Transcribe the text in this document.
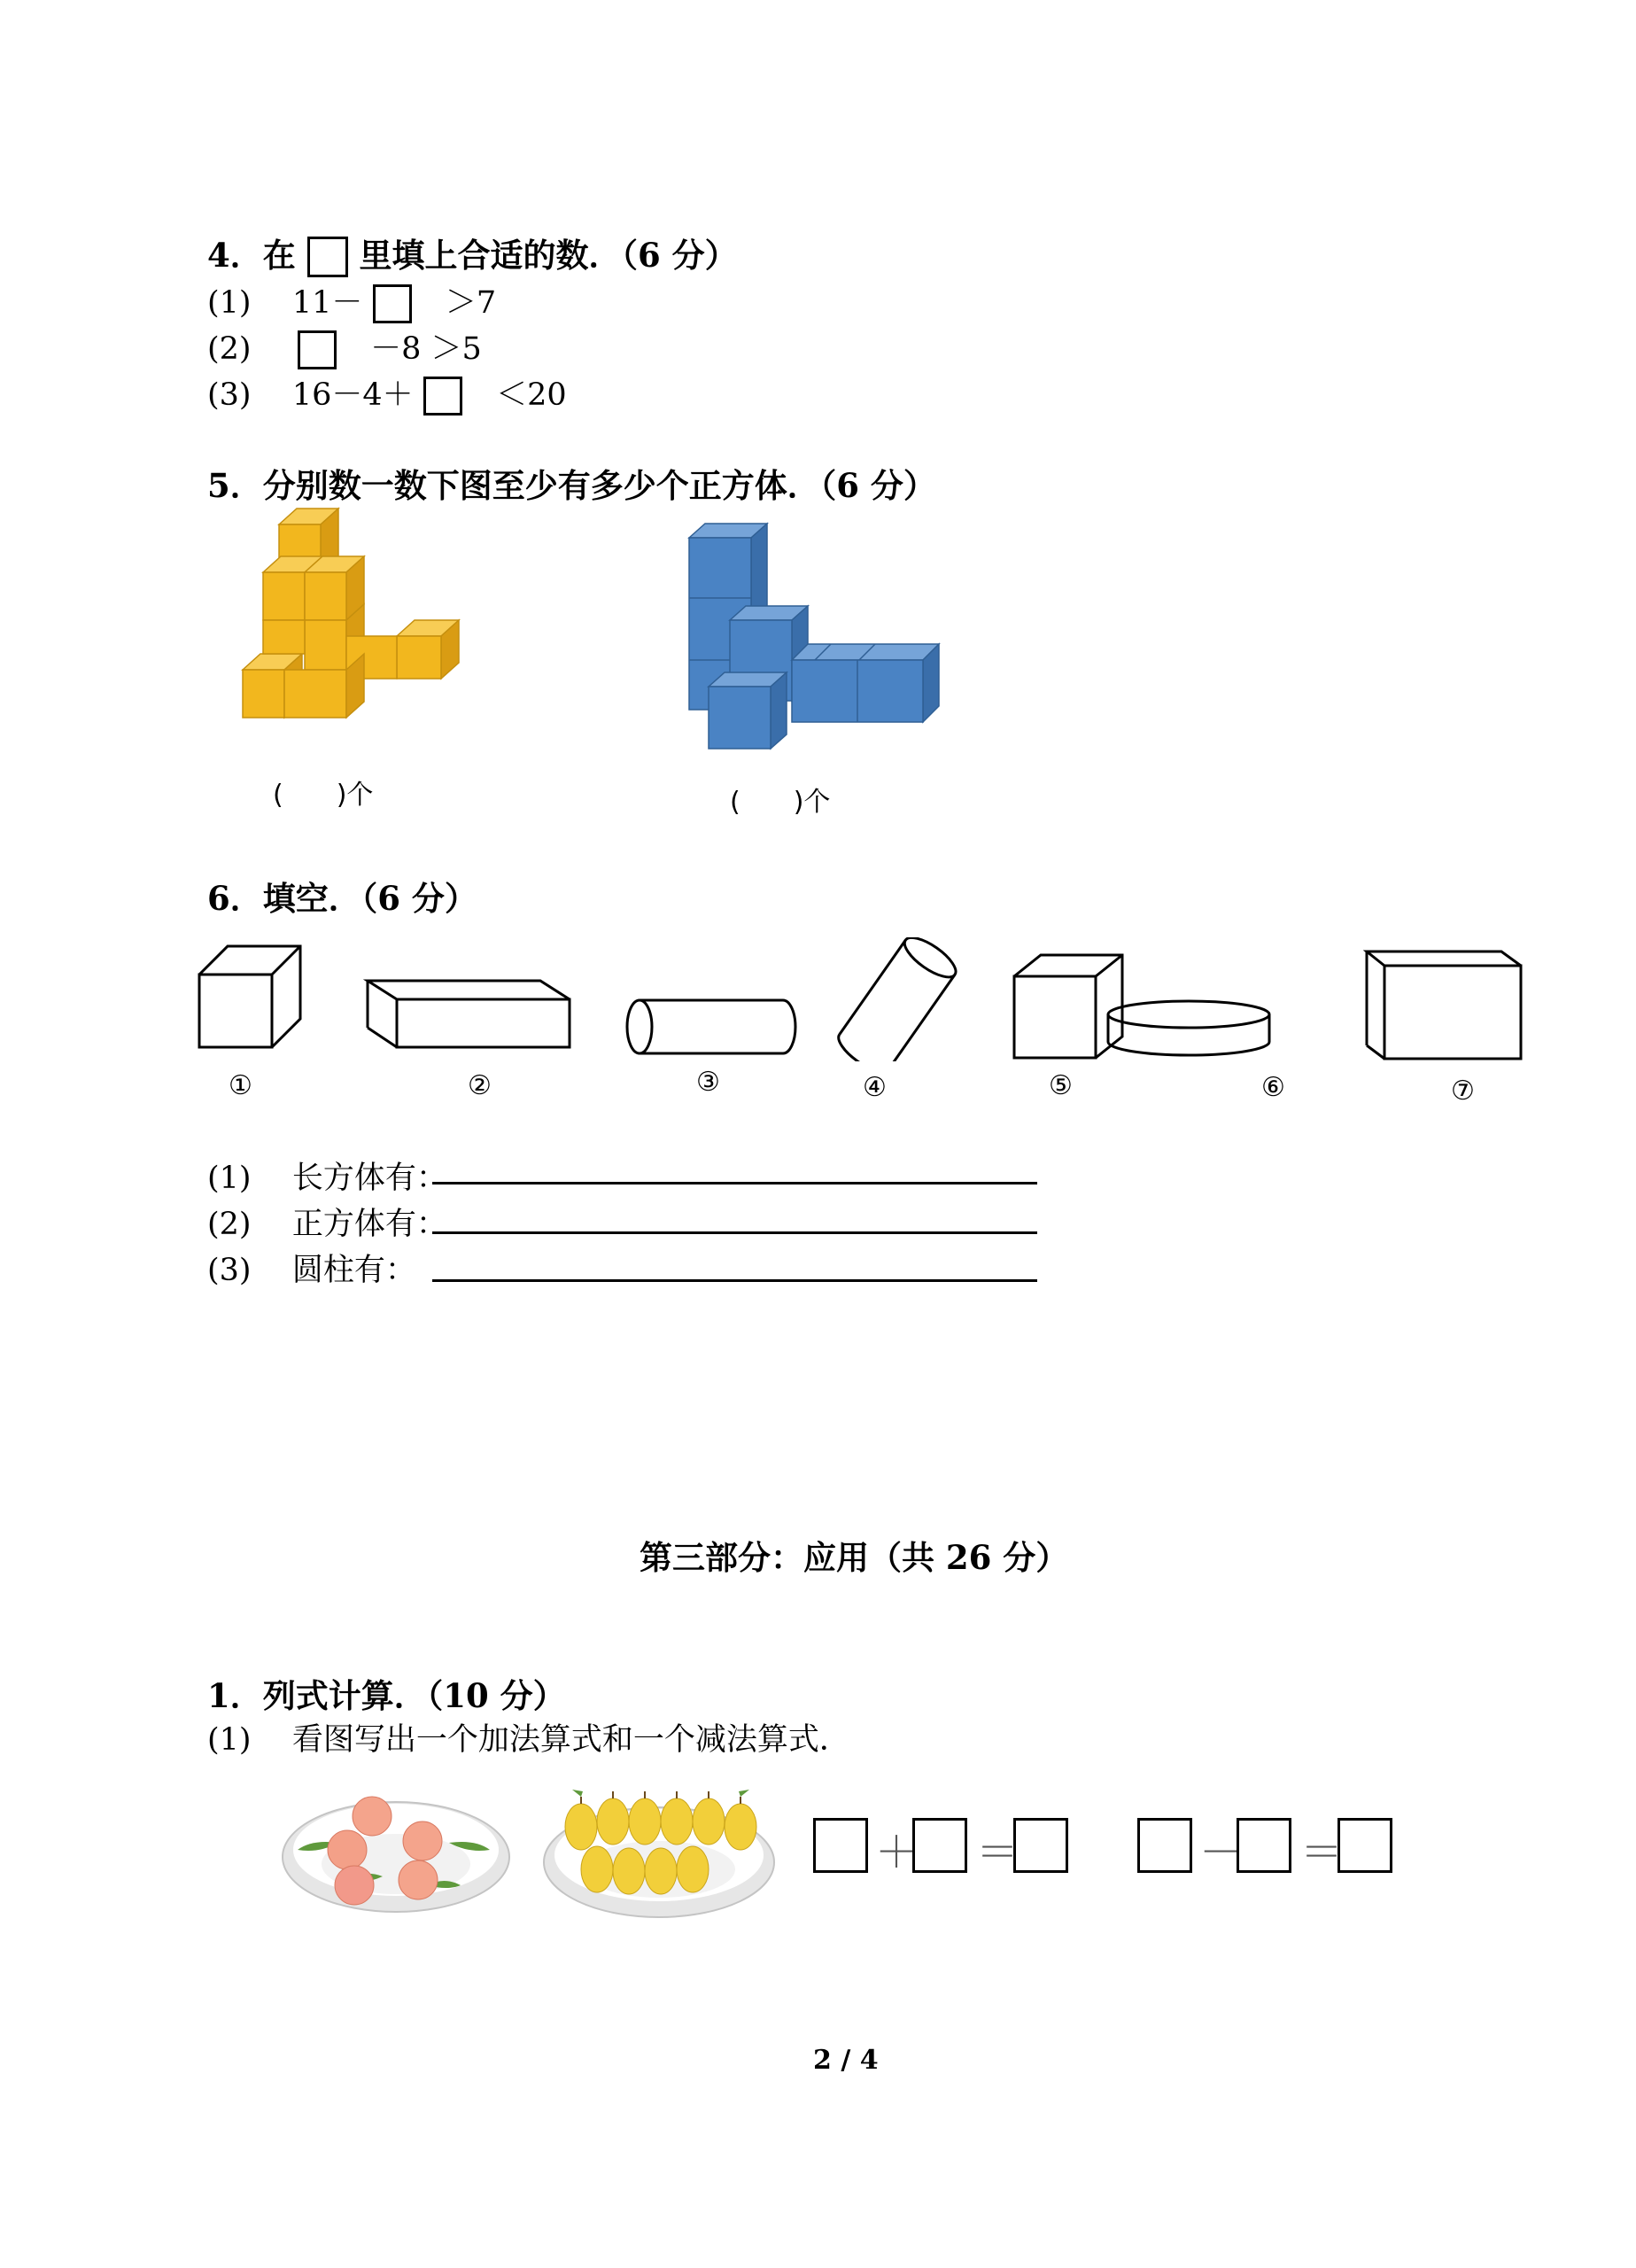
4．在 里填上合适的数．（6 分）
(1) 11－	＞7
(2)	－8 ＞5
(3) 16－4＋	＜20
5．分别数一数下图至少有多少个正方体．（6 分）
(　　)个	(　　)个
6．填空．（6 分）
①	②	③	④	⑤	⑥	⑦
(1) 长方体有：
(2) 正方体有：
(3) 圆柱有：
第三部分：应用（共 26 分）
1．列式计算．（10 分）
(1) 看图写出一个加法算式和一个减法算式．
＋ ＝	－ ＝
2 / 4
